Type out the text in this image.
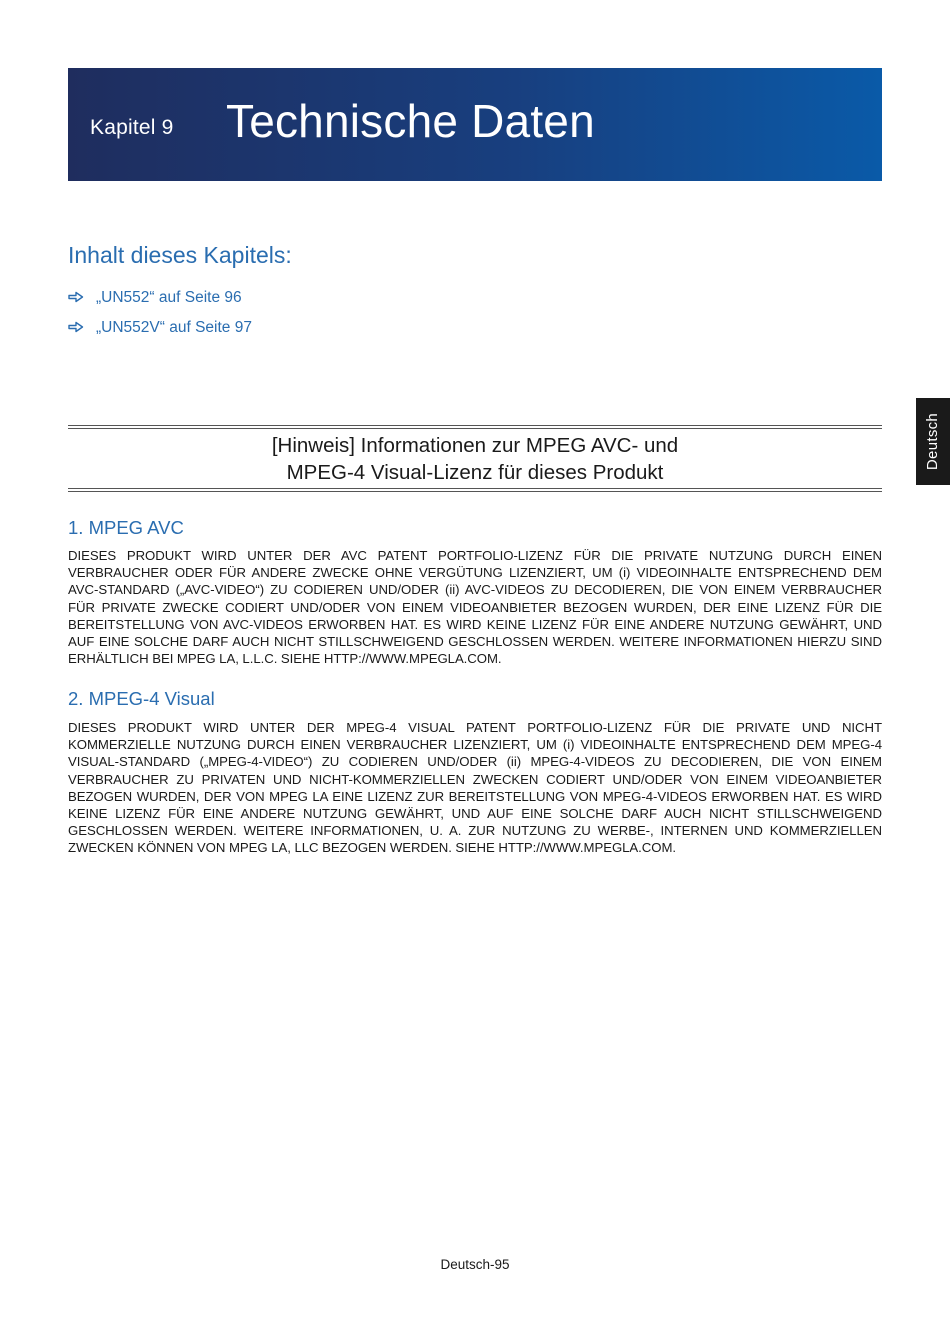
Kapitel 9 Technische Daten
Inhalt dieses Kapitels:
„UN552“ auf Seite 96
„UN552V“ auf Seite 97
Deutsch
[Hinweis] Informationen zur MPEG AVC- und
MPEG-4 Visual-Lizenz für dieses Produkt
1. MPEG AVC

DIESES PRODUKT WIRD UNTER DER AVC PATENT PORTFOLIO-LIZENZ FÜR DIE PRIVATE NUTZUNG DURCH EINEN VERBRAUCHER ODER FÜR ANDERE ZWECKE OHNE VERGÜTUNG LIZENZIERT, UM (i) VIDEOINHALTE ENTSPRECHEND DEM AVC-STANDARD („AVC-VIDEO“) ZU CODIEREN UND/ODER (ii) AVC-VIDEOS ZU DECODIEREN, DIE VON EINEM VERBRAUCHER FÜR PRIVATE ZWECKE CODIERT UND/ODER VON EINEM VIDEOANBIETER BEZOGEN WURDEN, DER EINE LIZENZ FÜR DIE BEREITSTELLUNG VON AVC-VIDEOS ERWORBEN HAT. ES WIRD KEINE LIZENZ FÜR EINE ANDERE NUTZUNG GEWÄHRT, UND AUF EINE SOLCHE DARF AUCH NICHT STILLSCHWEIGEND GESCHLOSSEN WERDEN. WEITERE INFORMATIONEN HIERZU SIND ERHÄLTLICH BEI MPEG LA, L.L.C. SIEHE HTTP://WWW.MPEGLA.COM.

2. MPEG-4 Visual

DIESES PRODUKT WIRD UNTER DER MPEG-4 VISUAL PATENT PORTFOLIO-LIZENZ FÜR DIE PRIVATE UND NICHT KOMMERZIELLE NUTZUNG DURCH EINEN VERBRAUCHER LIZENZIERT, UM (i) VIDEOINHALTE ENTSPRECHEND DEM MPEG-4 VISUAL-STANDARD („MPEG-4-VIDEO“) ZU CODIEREN UND/ODER (ii) MPEG-4-VIDEOS ZU DECODIEREN, DIE VON EINEM VERBRAUCHER ZU PRIVATEN UND NICHT-KOMMERZIELLEN ZWECKEN CODIERT UND/ODER VON EINEM VIDEOANBIETER BEZOGEN WURDEN, DER VON MPEG LA EINE LIZENZ ZUR BEREITSTELLUNG VON MPEG-4-VIDEOS ERWORBEN HAT. ES WIRD KEINE LIZENZ FÜR EINE ANDERE NUTZUNG GEWÄHRT, UND AUF EINE SOLCHE DARF AUCH NICHT STILLSCHWEIGEND GESCHLOSSEN WERDEN. WEITERE INFORMATIONEN, U. A. ZUR NUTZUNG ZU WERBE-, INTERNEN UND KOMMERZIELLEN ZWECKEN KÖNNEN VON MPEG LA, LLC BEZOGEN WERDEN. SIEHE HTTP://WWW.MPEGLA.COM.

Deutsch-95
